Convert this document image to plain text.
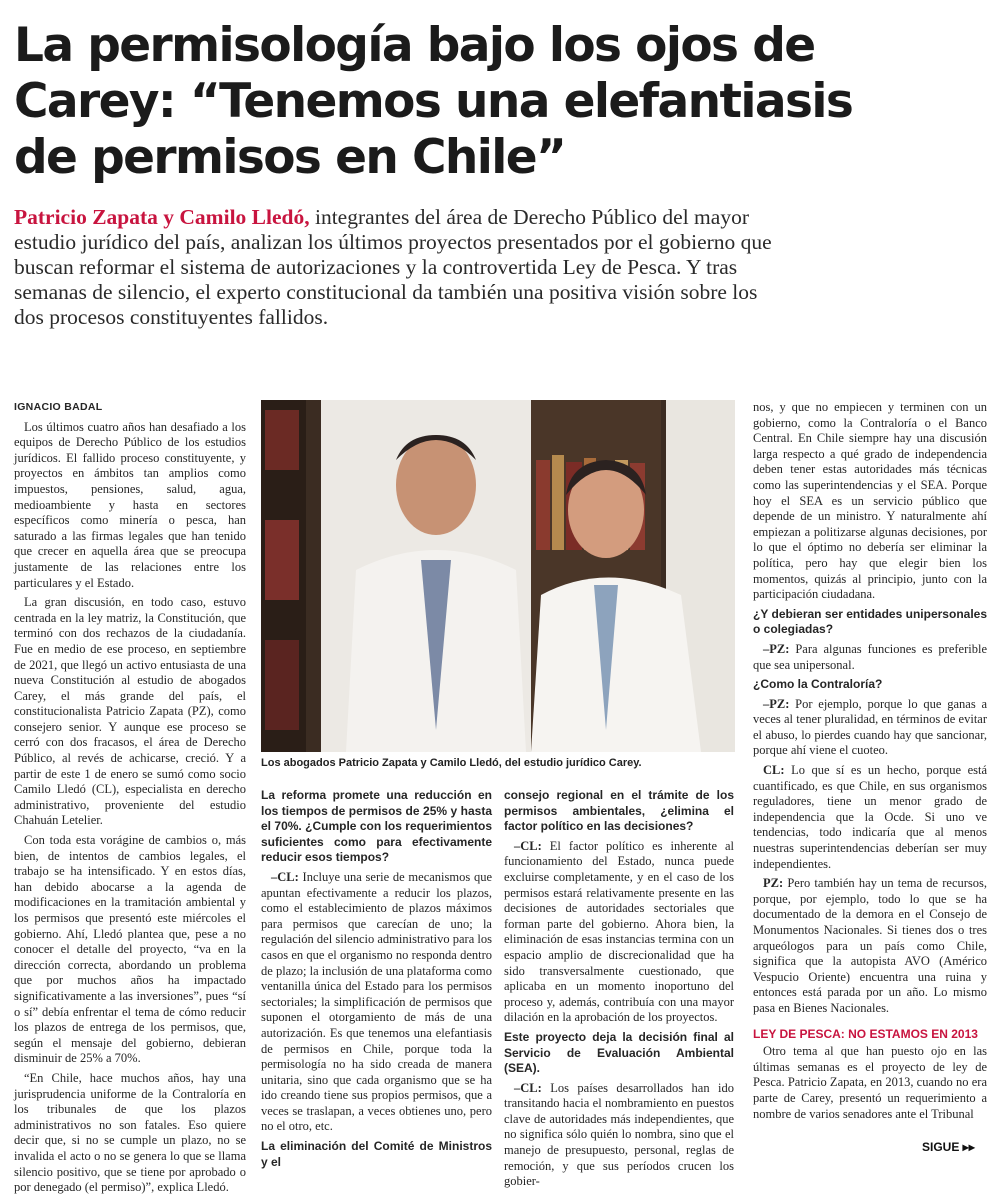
La permisología bajo los ojos de
Carey: “Tenemos una elefantiasis
de permisos en Chile”
Patricio Zapata y Camilo Lledó, integrantes del área de Derecho Público del mayor
estudio jurídico del país, analizan los últimos proyectos presentados por el gobierno que
buscan reformar el sistema de autorizaciones y la controvertida Ley de Pesca. Y tras
semanas de silencio, el experto constitucional da también una positiva visión sobre los
dos procesos constituyentes fallidos.
IGNACIO BADAL

Los últimos cuatro años han desafiado a los equipos de Derecho Público de los estudios jurídicos. El fallido proceso constituyente, y proyectos en ámbitos tan amplios como impuestos, pensiones, salud, agua, medioambiente y hasta en sectores específicos como minería o pesca, han saturado a las firmas legales que han tenido que crecer en aquella área que se preocupa justamente de las relaciones entre los particulares y el Estado.

La gran discusión, en todo caso, estuvo centrada en la ley matriz, la Constitución, que terminó con dos rechazos de la ciudadanía. Fue en medio de ese proceso, en septiembre de 2021, que llegó un activo entusiasta de una nueva Constitución al estudio de abogados Carey, el más grande del país, el constitucionalista Patricio Zapata (PZ), como consejero senior. Y aunque ese proceso se cerró con dos fracasos, el área de Derecho Público, al revés de achicarse, creció. Y a partir de este 1 de enero se sumó como socio Camilo Lledó (CL), especialista en derecho administrativo, proveniente del estudio Chahuán Letelier.

Con toda esta vorágine de cambios o, más bien, de intentos de cambios legales, el trabajo se ha intensificado. Y en estos días, han debido abocarse a la agenda de modificaciones en la tramitación ambiental y los permisos que presentó este miércoles el gobierno. Ahí, Lledó plantea que, pese a no conocer el detalle del proyecto, “va en la dirección correcta, abordando un problema que por muchos años ha impactado significativamente a las inversiones”, pues “sí o sí” debía enfrentar el tema de cómo reducir los plazos de entrega de los permisos, que, según el mensaje del gobierno, debieran disminuir de 25% a 70%.

“En Chile, hace muchos años, hay una jurisprudencia uniforme de la Contraloría en los tribunales de que los plazos administrativos no son fatales. Eso quiere decir que, si no se cumple un plazo, no se invalida el acto o no se genera lo que se llama silencio positivo, que se tiene por aprobado o por denegado (el permiso)”, explica Lledó.

Los abogados Patricio Zapata y Camilo Lledó, del estudio jurídico Carey.

La reforma promete una reducción en los tiempos de permisos de 25% y hasta el 70%. ¿Cumple con los requerimientos suficientes como para efectivamente reducir esos tiempos?

–CL: Incluye una serie de mecanismos que apuntan efectivamente a reducir los plazos, como el establecimiento de plazos máximos para permisos que carecían de uno; la regulación del silencio administrativo para los casos en que el organismo no responda dentro de plazo; la inclusión de una plataforma como ventanilla única del Estado para los permisos sectoriales; la simplificación de permisos que suponen el otorgamiento de más de una autorización. Es que tenemos una elefantiasis de permisos en Chile, porque toda la permisología no ha sido creada de manera unitaria, sino que cada organismo que se ha ido creando tiene sus propios permisos, que a veces se traslapan, a veces obtienes uno, pero no el otro, etc.

La eliminación del Comité de Ministros y el

consejo regional en el trámite de los permisos ambientales, ¿elimina el factor político en las decisiones?

–CL: El factor político es inherente al funcionamiento del Estado, nunca puede excluirse completamente, y en el caso de los permisos estará relativamente presente en las decisiones de autoridades sectoriales que forman parte del gobierno. Ahora bien, la eliminación de esas instancias termina con un espacio amplio de discrecionalidad que ha sido transversalmente cuestionado, que aplicaba en un momento inoportuno del proceso y, además, contribuía con una mayor dilación en la aprobación de los proyectos.

Este proyecto deja la decisión final al Servicio de Evaluación Ambiental (SEA).

–CL: Los países desarrollados han ido transitando hacia el nombramiento en puestos clave de autoridades más independientes, que no significa sólo quién lo nombra, sino que el manejo de presupuesto, personal, reglas de remoción, y que sus períodos crucen los gobier-

nos, y que no empiecen y terminen con un gobierno, como la Contraloría o el Banco Central. En Chile siempre hay una discusión larga respecto a qué grado de independencia deben tener estas autoridades más técnicas como las superintendencias y el SEA. Porque hoy el SEA es un servicio público que depende de un ministro. Y naturalmente ahí empiezan a politizarse algunas decisiones, por lo que el óptimo no debería ser eliminar la política, pero hay que elegir bien los momentos, quizás al principio, junto con la participación ciudadana.

¿Y debieran ser entidades unipersonales o colegiadas?

–PZ: Para algunas funciones es preferible que sea unipersonal.

¿Como la Contraloría?

–PZ: Por ejemplo, porque lo que ganas a veces al tener pluralidad, en términos de evitar el abuso, lo pierdes cuando hay que sancionar, porque ahí viene el cuoteo.

CL: Lo que sí es un hecho, porque está cuantificado, es que Chile, en sus organismos reguladores, tiene un menor grado de independencia que la Ocde. Si uno ve tendencias, todo indicaría que al menos nuestras superintendencias deberían ser muy independientes.

PZ: Pero también hay un tema de recursos, porque, por ejemplo, todo lo que se ha documentado de la demora en el Consejo de Monumentos Nacionales. Si tienes dos o tres arqueólogos para un país como Chile, significa que la autopista AVO (Américo Vespucio Oriente) encuentra una ruina y entonces está parada por un año. Lo mismo pasa en Bienes Nacionales.

LEY DE PESCA: NO ESTAMOS EN 2013

Otro tema al que han puesto ojo en las últimas semanas es el proyecto de ley de Pesca. Patricio Zapata, en 2013, cuando no era parte de Carey, presentó un requerimiento a nombre de varios senadores ante el Tribunal

SIGUE ▸▸
